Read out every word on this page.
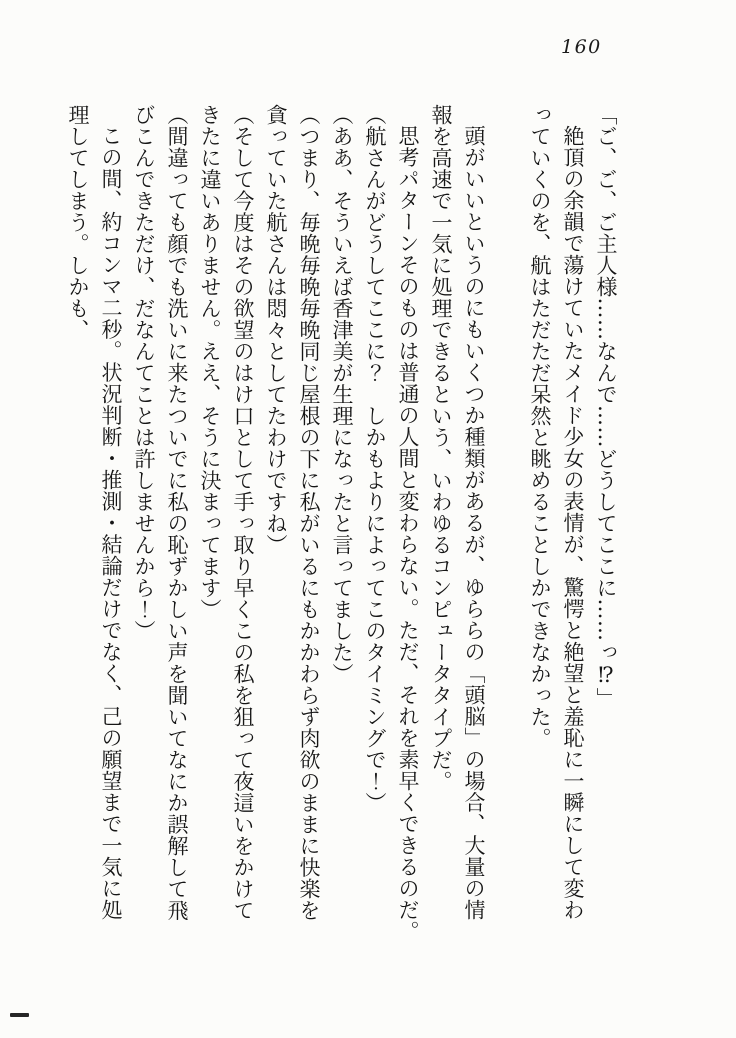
160
「ご、ご、ご主人様……なんで……どうしてここに……っ⁉」
絶頂の余韻で蕩けていたメイド少女の表情が、驚愕と絶望と羞恥に一瞬にして変わ
っていくのを、航はただただ呆然と眺めることしかできなかった。
頭がいいというのにもいくつか種類があるが、ゆららの「頭脳」の場合、大量の情
報を高速で一気に処理できるという、いわゆるコンピュータタイプだ。
思考パターンそのものは普通の人間と変わらない。ただ、それを素早くできるのだ。
（航さんがどうしてここに？　しかもよりによってこのタイミングで！）
（ああ、そういえば香津美が生理になったと言ってました）
（つまり、毎晩毎晩毎晩同じ屋根の下に私がいるにもかかわらず肉欲のままに快楽を
貪っていた航さんは悶々としてたわけですね）
（そして今度はその欲望のはけ口として手っ取り早くこの私を狙って夜這いをかけて
きたに違いありません。ええ、そうに決まってます）
（間違っても顔でも洗いに来たついでに私の恥ずかしい声を聞いてなにか誤解して飛
びこんできただけ、だなんてことは許しませんから！）
この間、約コンマ二秒。状況判断・推測・結論だけでなく、己の願望まで一気に処
理してしまう。しかも、
